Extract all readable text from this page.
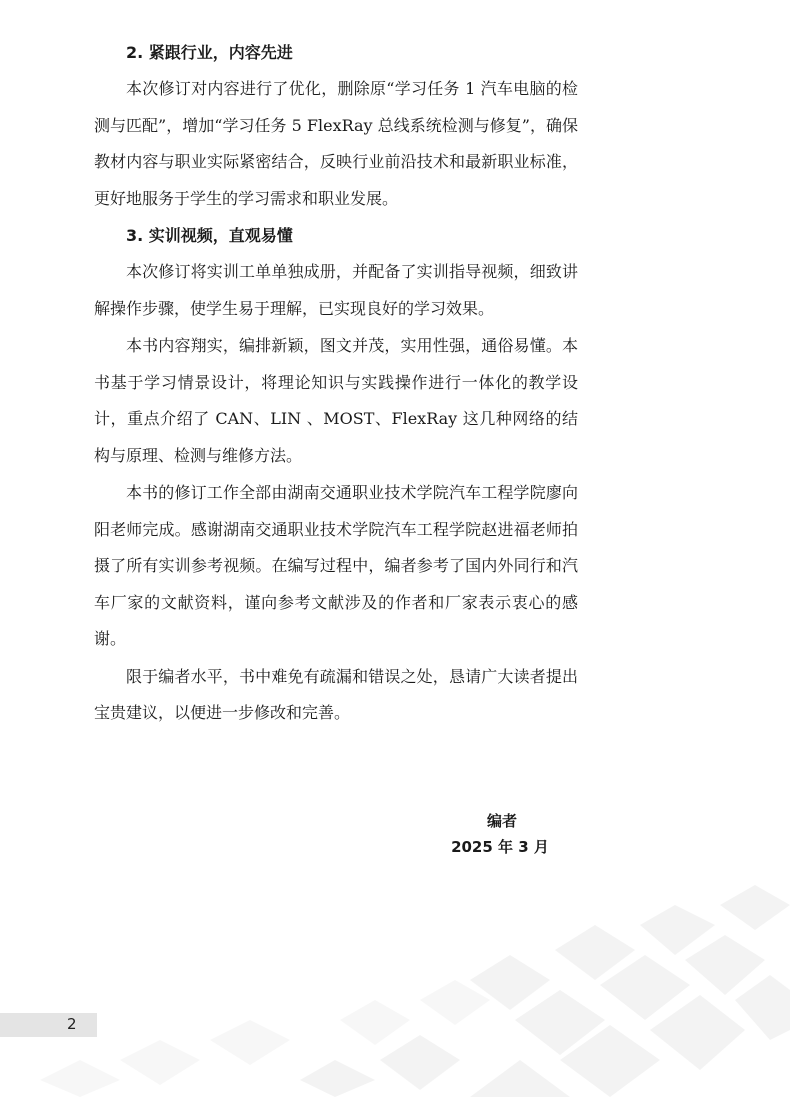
2. 紧跟行业，内容先进

本次修订对内容进行了优化，删除原“学习任务 1 汽车电脑的检测与匹配”，增加“学习任务 5 FlexRay 总线系统检测与修复”，确保教材内容与职业实际紧密结合，反映行业前沿技术和最新职业标准，更好地服务于学生的学习需求和职业发展。

3. 实训视频，直观易懂

本次修订将实训工单单独成册，并配备了实训指导视频，细致讲解操作步骤，使学生易于理解，已实现良好的学习效果。

本书内容翔实，编排新颖，图文并茂，实用性强，通俗易懂。本书基于学习情景设计，将理论知识与实践操作进行一体化的教学设计，重点介绍了 CAN、LIN 、MOST、FlexRay 这几种网络的结构与原理、检测与维修方法。

本书的修订工作全部由湖南交通职业技术学院汽车工程学院廖向阳老师完成。感谢湖南交通职业技术学院汽车工程学院赵进福老师拍摄了所有实训参考视频。在编写过程中，编者参考了国内外同行和汽车厂家的文献资料，谨向参考文献涉及的作者和厂家表示衷心的感谢。

限于编者水平，书中难免有疏漏和错误之处，恳请广大读者提出宝贵建议，以便进一步修改和完善。

编者
2025 年 3 月
2
